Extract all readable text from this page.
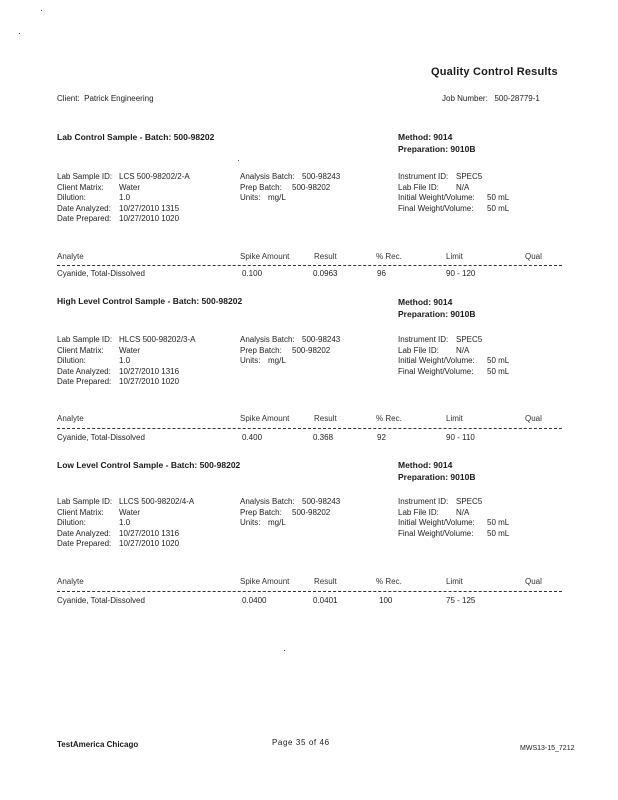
Quality Control Results
Client: Patrick Engineering	Job Number: 500-28779-1
Lab Control Sample - Batch: 500-98202	Method: 9014
Preparation: 9010B
Lab Sample ID: LCS 500-98202/2-A
Client Matrix: Water
Dilution:	1.0
Date Analyzed: 10/27/2010 1315
Date Prepared: 10/27/2010 1020
Analysis Batch: 500-98243
Prep Batch: 500-98202
Units: mg/L
Instrument ID: SPEC5
Lab File ID: N/A
Initial Weight/Volume: 50 mL
Final Weight/Volume: 50 mL
Analyte	Spike Amount	Result	% Rec.	Limit	Qual
Cyanide, Total-Dissolved	0.100	0.0963	96	90 - 120
High Level Control Sample - Batch: 500-98202	Method: 9014
Preparation: 9010B
Lab Sample ID: HLCS 500-98202/3-A
Client Matrix: Water
Dilution:	1.0
Date Analyzed: 10/27/2010 1316
Date Prepared: 10/27/2010 1020
Analysis Batch: 500-98243
Prep Batch: 500-98202
Units: mg/L
Instrument ID: SPEC5
Lab File ID: N/A
Initial Weight/Volume: 50 mL
Final Weight/Volume: 50 mL
Analyte	Spike Amount	Result	% Rec.	Limit	Qual
Cyanide, Total-Dissolved	0.400	0.368	92	90 - 110
Low Level Control Sample - Batch: 500-98202	Method: 9014
Preparation: 9010B
Lab Sample ID: LLCS 500-98202/4-A
Client Matrix: Water
Dilution:	1.0
Date Analyzed: 10/27/2010 1316
Date Prepared: 10/27/2010 1020
Analysis Batch: 500-98243
Prep Batch: 500-98202
Units: mg/L
Instrument ID: SPEC5
Lab File ID: N/A
Initial Weight/Volume: 50 mL
Final Weight/Volume: 50 mL
Analyte	Spike Amount	Result	% Rec.	Limit	Qual
Cyanide, Total-Dissolved	0.0400	0.0401	100	75 - 125
TestAmerica Chicago	Page 35 of 46
MWS13-15_7212
